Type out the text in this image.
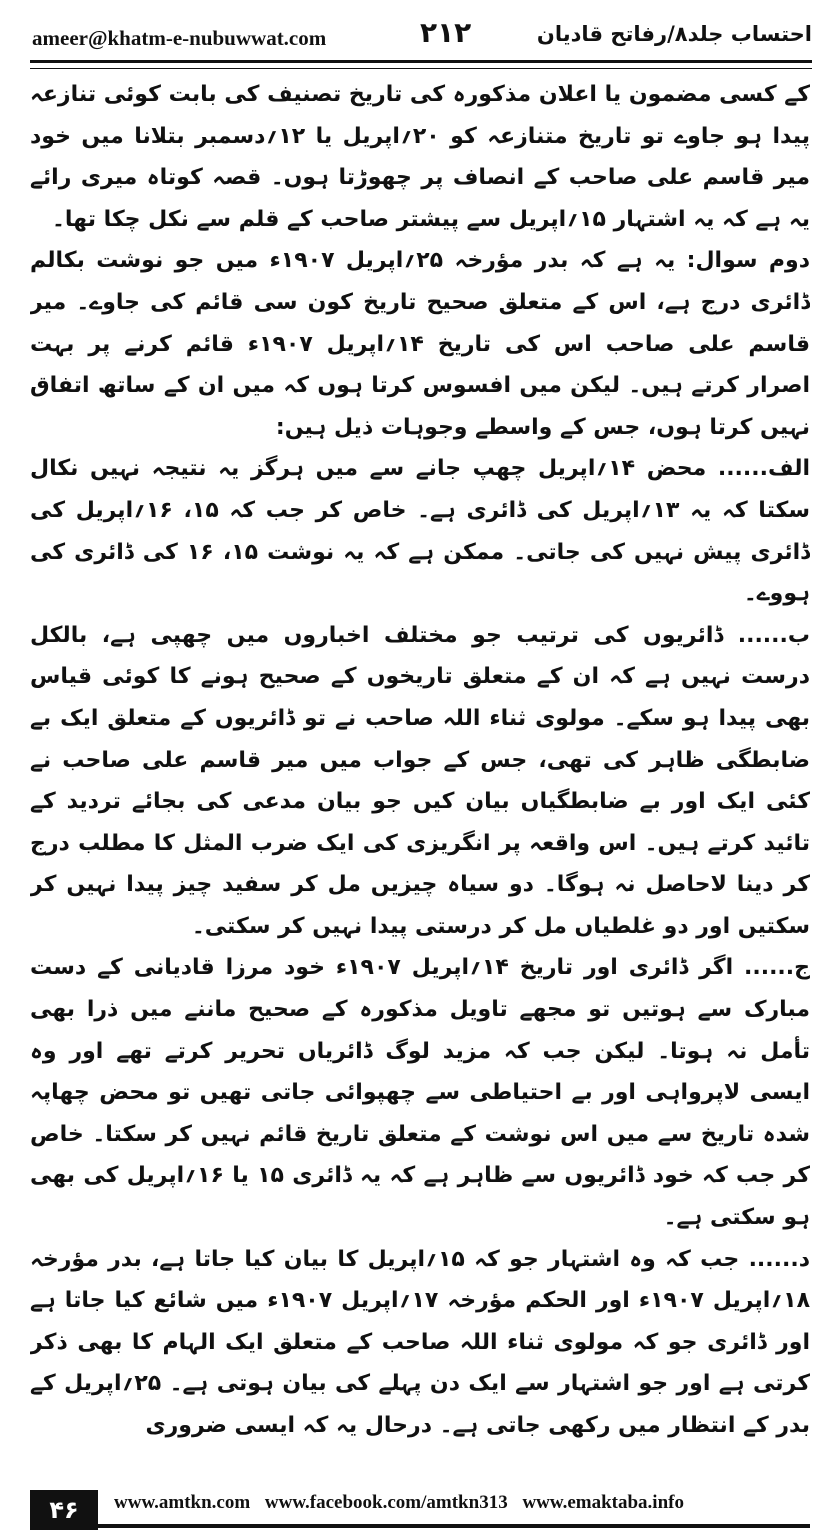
ameer@khatm-e-nubuwwat.com	۲۱۲	احتساب جلد۸/رفاتح قادیان

کے کسی مضمون یا اعلان مذکورہ کی تاریخ تصنیف کی بابت کوئی تنازعہ پیدا ہو جاوے تو تاریخ متنازعہ کو ۲۰؍اپریل یا ۱۲؍دسمبر بتلانا میں خود میر قاسم علی صاحب کے انصاف پر چھوڑتا ہوں۔ قصہ کوتاہ میری رائے یہ ہے کہ یہ اشتہار ۱۵؍اپریل سے پیشتر صاحب کے قلم سے نکل چکا تھا۔

دوم سوال: یہ ہے کہ بدر مؤرخہ ۲۵؍اپریل ۱۹۰۷ء میں جو نوشت بکالم ڈائری درج ہے، اس کے متعلق صحیح تاریخ کون سی قائم کی جاوے۔ میر قاسم علی صاحب اس کی تاریخ ۱۴؍اپریل ۱۹۰۷ء قائم کرنے پر بہت اصرار کرتے ہیں۔ لیکن میں افسوس کرتا ہوں کہ میں ان کے ساتھ اتفاق نہیں کرتا ہوں، جس کے واسطے وجوہات ذیل ہیں:

الف...... محض ۱۴؍اپریل چھپ جانے سے میں ہرگز یہ نتیجہ نہیں نکال سکتا کہ یہ ۱۳؍اپریل کی ڈائری ہے۔ خاص کر جب کہ ۱۵، ۱۶؍اپریل کی ڈائری پیش نہیں کی جاتی۔ ممکن ہے کہ یہ نوشت ۱۵، ۱۶ کی ڈائری کی ہووے۔

ب...... ڈائریوں کی ترتیب جو مختلف اخباروں میں چھپی ہے، بالکل درست نہیں ہے کہ ان کے متعلق تاریخوں کے صحیح ہونے کا کوئی قیاس بھی پیدا ہو سکے۔ مولوی ثناء اللہ صاحب نے تو ڈائریوں کے متعلق ایک بے ضابطگی ظاہر کی تھی، جس کے جواب میں میر قاسم علی صاحب نے کئی ایک اور بے ضابطگیاں بیان کیں جو بیان مدعی کی بجائے تردید کے تائید کرتے ہیں۔ اس واقعہ پر انگریزی کی ایک ضرب المثل کا مطلب درج کر دینا لاحاصل نہ ہوگا۔ دو سیاہ چیزیں مل کر سفید چیز پیدا نہیں کر سکتیں اور دو غلطیاں مل کر درستی پیدا نہیں کر سکتی۔

ج...... اگر ڈائری اور تاریخ ۱۴؍اپریل ۱۹۰۷ء خود مرزا قادیانی کے دست مبارک سے ہوتیں تو مجھے تاویل مذکورہ کے صحیح ماننے میں ذرا بھی تأمل نہ ہوتا۔ لیکن جب کہ مزید لوگ ڈائریاں تحریر کرتے تھے اور وہ ایسی لاپرواہی اور بے احتیاطی سے چھپوائی جاتی تھیں تو محض چھاپہ شدہ تاریخ سے میں اس نوشت کے متعلق تاریخ قائم نہیں کر سکتا۔ خاص کر جب کہ خود ڈائریوں سے ظاہر ہے کہ یہ ڈائری ۱۵ یا ۱۶؍اپریل کی بھی ہو سکتی ہے۔

د...... جب کہ وہ اشتہار جو کہ ۱۵؍اپریل کا بیان کیا جاتا ہے، بدر مؤرخہ ۱۸؍اپریل ۱۹۰۷ء اور الحکم مؤرخہ ۱۷؍اپریل ۱۹۰۷ء میں شائع کیا جاتا ہے اور ڈائری جو کہ مولوی ثناء اللہ صاحب کے متعلق ایک الہام کا بھی ذکر کرتی ہے اور جو اشتہار سے ایک دن پہلے کی بیان ہوتی ہے۔ ۲۵؍اپریل کے بدر کے انتظار میں رکھی جاتی ہے۔ درحال یہ کہ ایسی ضروری

۴۶	www.amtkn.com www.facebook.com/amtkn313 www.emaktaba.info
